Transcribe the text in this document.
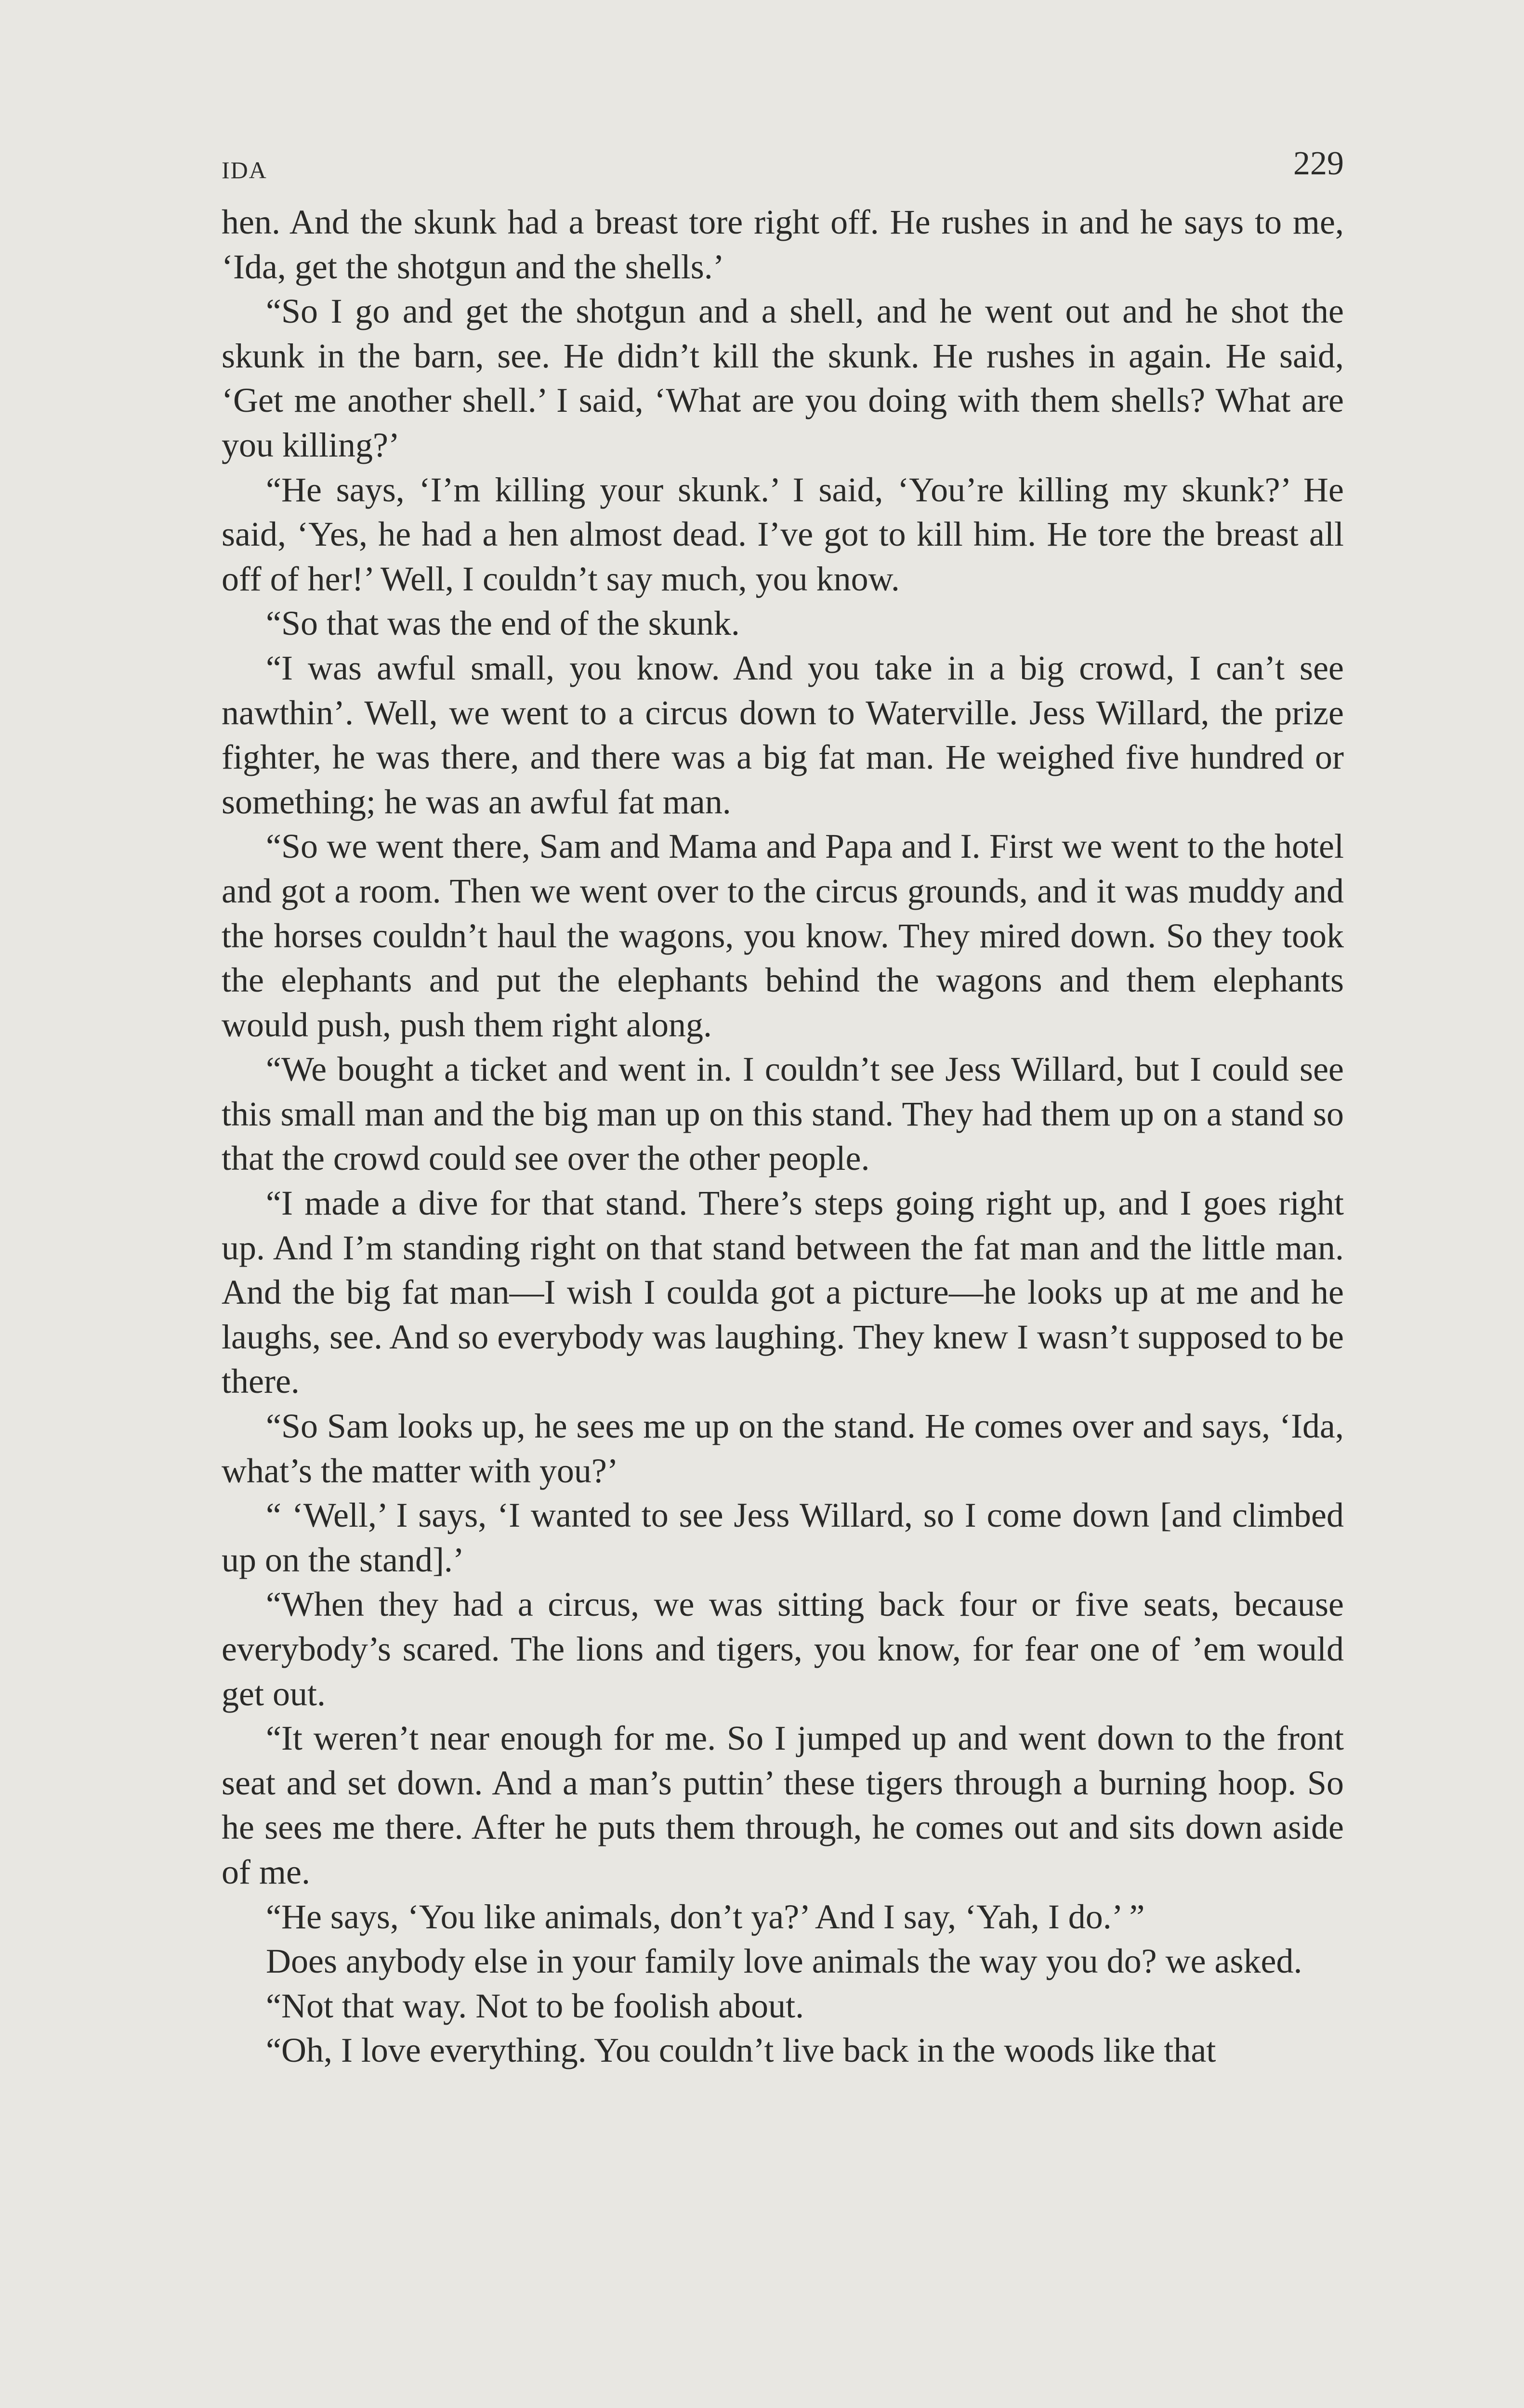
IDA	229

hen. And the skunk had a breast tore right off. He rushes in and he says to me, ‘Ida, get the shotgun and the shells.’

“So I go and get the shotgun and a shell, and he went out and he shot the skunk in the barn, see. He didn’t kill the skunk. He rushes in again. He said, ‘Get me another shell.’ I said, ‘What are you doing with them shells? What are you killing?’

“He says, ‘I’m killing your skunk.’ I said, ‘You’re killing my skunk?’ He said, ‘Yes, he had a hen almost dead. I’ve got to kill him. He tore the breast all off of her!’ Well, I couldn’t say much, you know.

“So that was the end of the skunk.

“I was awful small, you know. And you take in a big crowd, I can’t see nawthin’. Well, we went to a circus down to Waterville. Jess Willard, the prize fighter, he was there, and there was a big fat man. He weighed five hundred or something; he was an awful fat man.

“So we went there, Sam and Mama and Papa and I. First we went to the hotel and got a room. Then we went over to the circus grounds, and it was muddy and the horses couldn’t haul the wagons, you know. They mired down. So they took the elephants and put the elephants behind the wagons and them elephants would push, push them right along.

“We bought a ticket and went in. I couldn’t see Jess Willard, but I could see this small man and the big man up on this stand. They had them up on a stand so that the crowd could see over the other people.

“I made a dive for that stand. There’s steps going right up, and I goes right up. And I’m standing right on that stand between the fat man and the little man. And the big fat man—I wish I coulda got a picture—he looks up at me and he laughs, see. And so everybody was laughing. They knew I wasn’t supposed to be there.

“So Sam looks up, he sees me up on the stand. He comes over and says, ‘Ida, what’s the matter with you?’

“ ‘Well,’ I says, ‘I wanted to see Jess Willard, so I come down [and climbed up on the stand].’

“When they had a circus, we was sitting back four or five seats, because everybody’s scared. The lions and tigers, you know, for fear one of ’em would get out.

“It weren’t near enough for me. So I jumped up and went down to the front seat and set down. And a man’s puttin’ these tigers through a burning hoop. So he sees me there. After he puts them through, he comes out and sits down aside of me.

“He says, ‘You like animals, don’t ya?’ And I say, ‘Yah, I do.’ ”

Does anybody else in your family love animals the way you do? we asked.

“Not that way. Not to be foolish about.

“Oh, I love everything. You couldn’t live back in the woods like that
